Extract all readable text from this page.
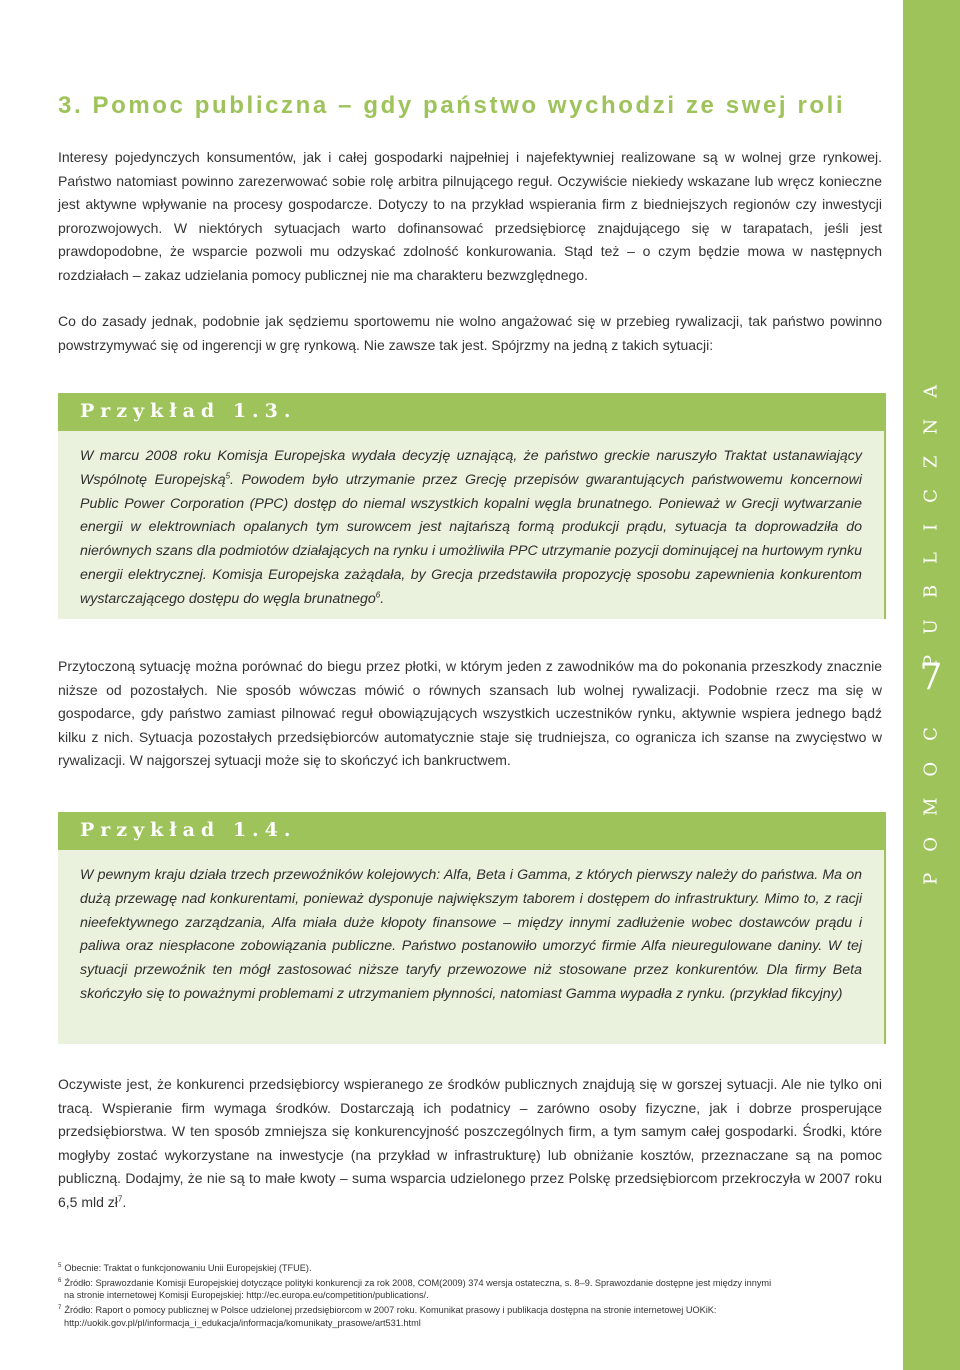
3. Pomoc publiczna – gdy państwo wychodzi ze swej roli

Interesy pojedynczych konsumentów, jak i całej gospodarki najpełniej i najefektywniej realizowane są w wolnej grze rynkowej. Państwo natomiast powinno zarezerwować sobie rolę arbitra pilnującego reguł. Oczywiście niekiedy wskazane lub wręcz konieczne jest aktywne wpływanie na procesy gospodarcze. Dotyczy to na przykład wspierania firm z biedniejszych regionów czy inwestycji prorozwojowych. W niektórych sytuacjach warto dofinansować przedsiębiorcę znajdującego się w tarapatach, jeśli jest prawdopodobne, że wsparcie pozwoli mu odzyskać zdolność konkurowania. Stąd też – o czym będzie mowa w następnych rozdziałach – zakaz udzielania pomocy publicznej nie ma charakteru bezwzględnego.

Co do zasady jednak, podobnie jak sędziemu sportowemu nie wolno angażować się w przebieg rywalizacji, tak państwo powinno powstrzymywać się od ingerencji w grę rynkową. Nie zawsze tak jest. Spójrzmy na jedną z takich sytuacji:

Przykład 1.3.

W marcu 2008 roku Komisja Europejska wydała decyzję uznającą, że państwo greckie naruszyło Traktat ustanawiający Wspólnotę Europejską$^5$. Powodem było utrzymanie przez Grecję przepisów gwarantujących państwowemu koncernowi Public Power Corporation (PPC) dostęp do niemal wszystkich kopalni węgla brunatnego. Ponieważ w Grecji wytwarzanie energii w elektrowniach opalanych tym surowcem jest najtańszą formą produkcji prądu, sytuacja ta doprowadziła do nierównych szans dla podmiotów działających na rynku i umożliwiła PPC utrzymanie pozycji dominującej na hurtowym rynku energii elektrycznej. Komisja Europejska zażądała, by Grecja przedstawiła propozycję sposobu zapewnienia konkurentom wystarczającego dostępu do węgla brunatnego$^6$.

Przytoczoną sytuację można porównać do biegu przez płotki, w którym jeden z zawodników ma do pokonania przeszkody znacznie niższe od pozostałych. Nie sposób wówczas mówić o równych szansach lub wolnej rywalizacji. Podobnie rzecz ma się w gospodarce, gdy państwo zamiast pilnować reguł obowiązujących wszystkich uczestników rynku, aktywnie wspiera jednego bądź kilku z nich. Sytuacja pozostałych przedsiębiorców automatycznie staje się trudniejsza, co ogranicza ich szanse na zwycięstwo w rywalizacji. W najgorszej sytuacji może się to skończyć ich bankructwem.

Przykład 1.4.

W pewnym kraju działa trzech przewoźników kolejowych: Alfa, Beta i Gamma, z których pierwszy należy do państwa. Ma on dużą przewagę nad konkurentami, ponieważ dysponuje największym taborem i dostępem do infrastruktury. Mimo to, z racji nieefektywnego zarządzania, Alfa miała duże kłopoty finansowe – między innymi zadłużenie wobec dostawców prądu i paliwa oraz niespłacone zobowiązania publiczne. Państwo postanowiło umorzyć firmie Alfa nieuregulowane daniny. W tej sytuacji przewoźnik ten mógł zastosować niższe taryfy przewozowe niż stosowane przez konkurentów. Dla firmy Beta skończyło się to poważnymi problemami z utrzymaniem płynności, natomiast Gamma wypadła z rynku. (przykład fikcyjny)

Oczywiste jest, że konkurenci przedsiębiorcy wspieranego ze środków publicznych znajdują się w gorszej sytuacji. Ale nie tylko oni tracą. Wspieranie firm wymaga środków. Dostarczają ich podatnicy – zarówno osoby fizyczne, jak i dobrze prosperujące przedsiębiorstwa. W ten sposób zmniejsza się konkurencyjność poszczególnych firm, a tym samym całej gospodarki. Środki, które mogłyby zostać wykorzystane na inwestycje (na przykład w infrastrukturę) lub obniżanie kosztów, przeznaczane są na pomoc publiczną. Dodajmy, że nie są to małe kwoty – suma wsparcia udzielonego przez Polskę przedsiębiorcom przekroczyła w 2007 roku 6,5 mld $zł^7$.

$^5$ Obecnie: Traktat o funkcjonowaniu Unii Europejskiej (TFUE).

$^6$ Źródło: Sprawozdanie Komisji Europejskiej dotyczące polityki konkurencji za rok 2008, COM(2009) 374 wersja ostateczna, s. 8–9. Sprawozdanie dostępne jest między innymi

na stronie internetowej Komisji Europejskiej: http://ec.europa.eu/competition/publications/.

$^7$ Źródło: Raport o pomocy publicznej w Polsce udzielonej przedsiębiorcom w 2007 roku. Komunikat prasowy i publikacja dostępna na stronie internetowej UOKiK:

http://uokik.gov.pl/pl/informacja_i_edukacja/informacja/komunikaty_prasowe/art531.html

PUBLICZNA
7
POMOC
